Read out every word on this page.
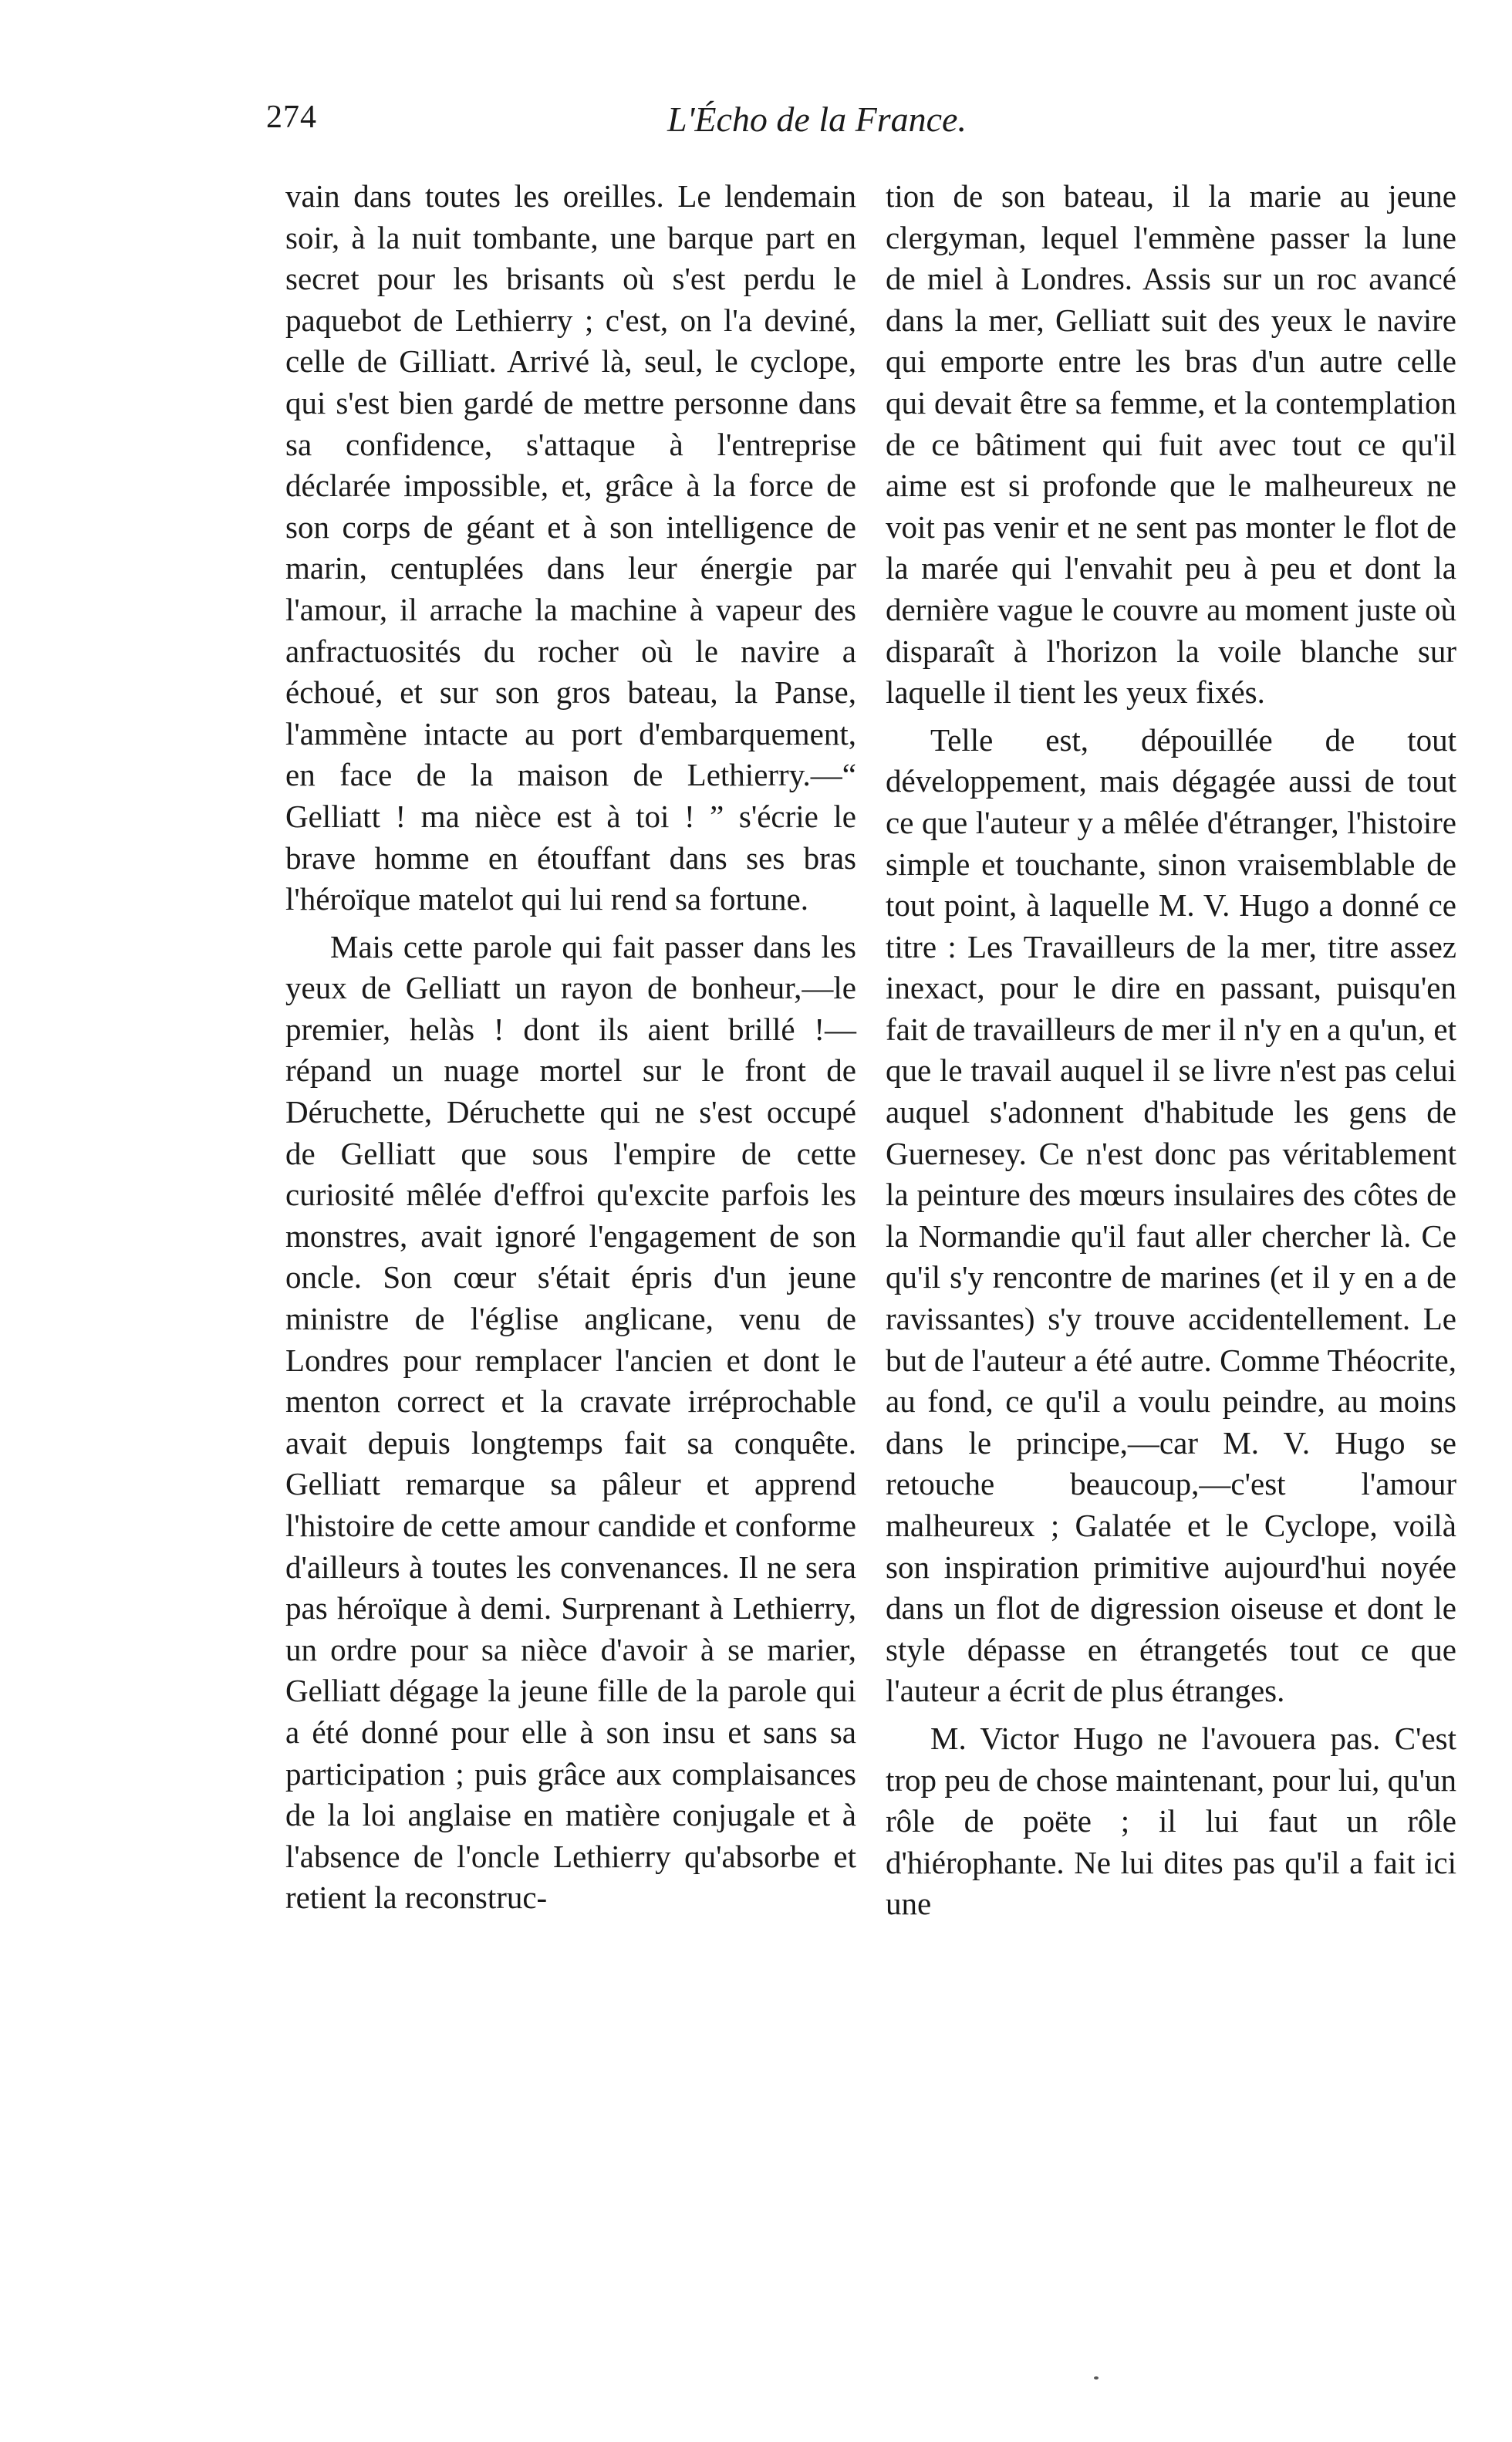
274	L'Écho de la France.

vain dans toutes les oreilles. Le lendemain soir, à la nuit tombante, une barque part en secret pour les brisants où s'est perdu le paquebot de Lethierry ; c'est, on l'a deviné, celle de Gilliatt. Arrivé là, seul, le cyclope, qui s'est bien gardé de mettre personne dans sa confidence, s'attaque à l'entreprise déclarée impossible, et, grâce à la force de son corps de géant et à son intelligence de marin, centuplées dans leur énergie par l'amour, il arrache la machine à vapeur des anfractuosités du rocher où le navire a échoué, et sur son gros bateau, la Panse, l'ammène intacte au port d'embarquement, en face de la maison de Lethierry.—“ Gelliatt ! ma nièce est à toi ! ” s'écrie le brave homme en étouffant dans ses bras l'héroïque matelot qui lui rend sa fortune.

Mais cette parole qui fait passer dans les yeux de Gelliatt un rayon de bonheur,—le premier, helàs ! dont ils aient brillé !—répand un nuage mortel sur le front de Déruchette, Déruchette qui ne s'est occupé de Gelliatt que sous l'empire de cette curiosité mêlée d'effroi qu'excite parfois les monstres, avait ignoré l'engagement de son oncle. Son cœur s'était épris d'un jeune ministre de l'église anglicane, venu de Londres pour remplacer l'ancien et dont le menton correct et la cravate irréprochable avait depuis longtemps fait sa conquête. Gelliatt remarque sa pâleur et apprend l'histoire de cette amour candide et conforme d'ailleurs à toutes les convenances. Il ne sera pas héroïque à demi. Surprenant à Lethierry, un ordre pour sa nièce d'avoir à se marier, Gelliatt dégage la jeune fille de la parole qui a été donné pour elle à son insu et sans sa participation ; puis grâce aux complaisances de la loi anglaise en matière conjugale et à l'absence de l'oncle Lethierry qu'absorbe et retient la reconstruc-

tion de son bateau, il la marie au jeune clergyman, lequel l'emmène passer la lune de miel à Londres. Assis sur un roc avancé dans la mer, Gelliatt suit des yeux le navire qui emporte entre les bras d'un autre celle qui devait être sa femme, et la contemplation de ce bâtiment qui fuit avec tout ce qu'il aime est si profonde que le malheureux ne voit pas venir et ne sent pas monter le flot de la marée qui l'envahit peu à peu et dont la dernière vague le couvre au moment juste où disparaît à l'horizon la voile blanche sur laquelle il tient les yeux fixés.

Telle est, dépouillée de tout développement, mais dégagée aussi de tout ce que l'auteur y a mêlée d'étranger, l'histoire simple et touchante, sinon vraisemblable de tout point, à laquelle M. V. Hugo a donné ce titre : Les Travailleurs de la mer, titre assez inexact, pour le dire en passant, puisqu'en fait de travailleurs de mer il n'y en a qu'un, et que le travail auquel il se livre n'est pas celui auquel s'adonnent d'habitude les gens de Guernesey. Ce n'est donc pas véritablement la peinture des mœurs insulaires des côtes de la Normandie qu'il faut aller chercher là. Ce qu'il s'y rencontre de marines (et il y en a de ravissantes) s'y trouve accidentellement. Le but de l'auteur a été autre. Comme Théocrite, au fond, ce qu'il a voulu peindre, au moins dans le principe,—car M. V. Hugo se retouche beaucoup,—c'est l'amour malheureux ; Galatée et le Cyclope, voilà son inspiration primitive aujourd'hui noyée dans un flot de digression oiseuse et dont le style dépasse en étrangetés tout ce que l'auteur a écrit de plus étranges.

M. Victor Hugo ne l'avouera pas. C'est trop peu de chose maintenant, pour lui, qu'un rôle de poëte ; il lui faut un rôle d'hiérophante. Ne lui dites pas qu'il a fait ici une
